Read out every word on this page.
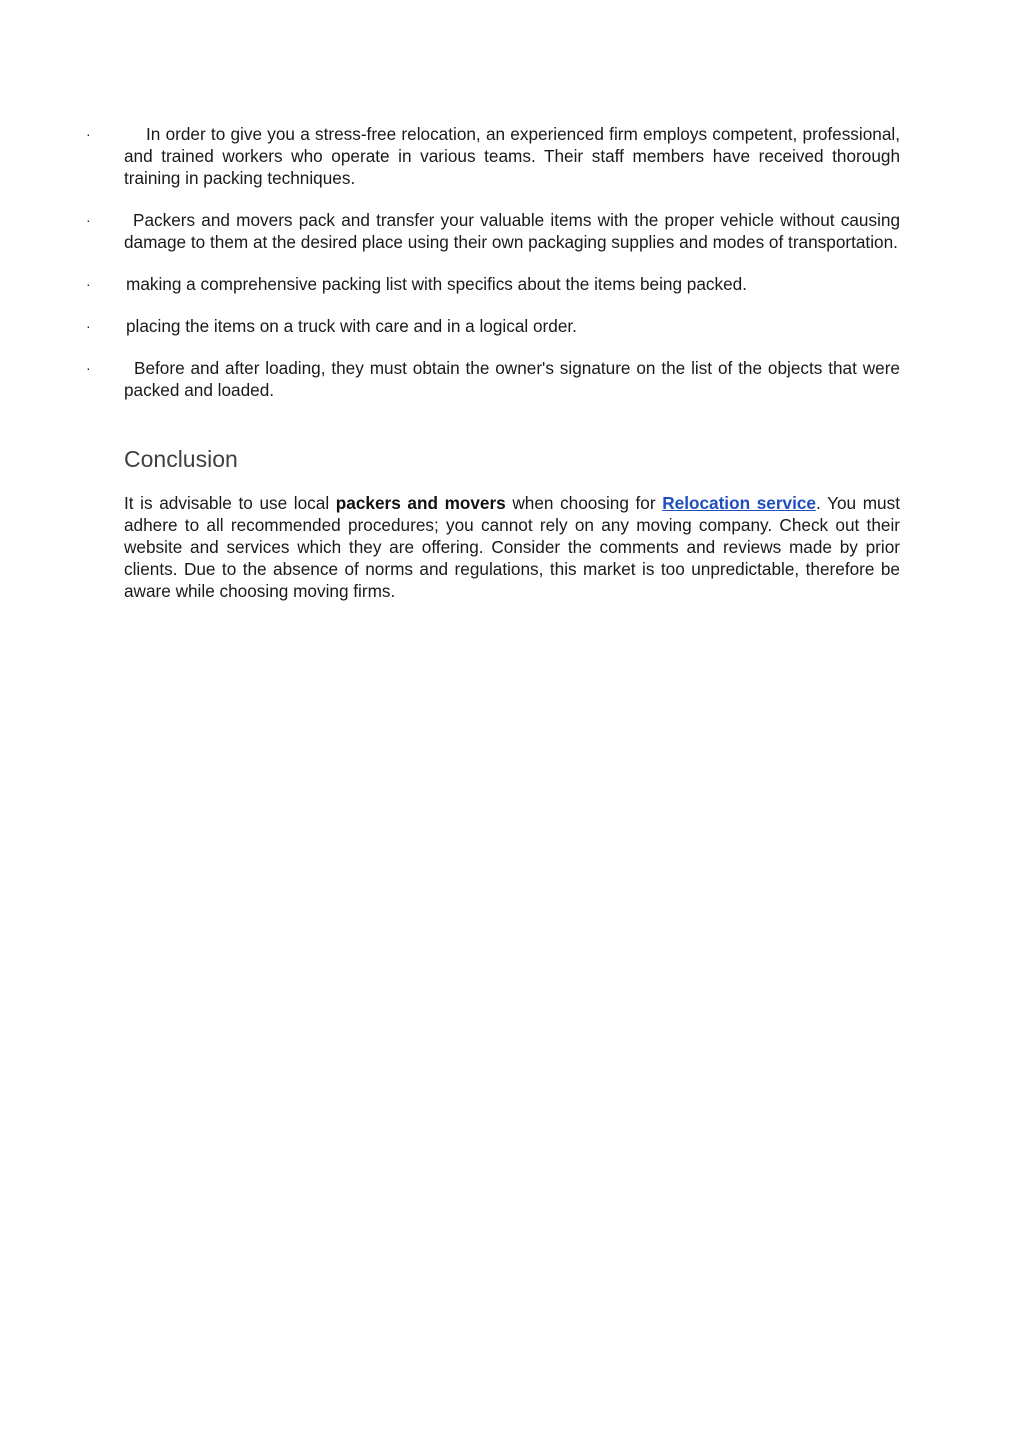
·	In order to give you a stress-free relocation, an experienced firm employs competent, professional, and trained workers who operate in various teams. Their staff members have received thorough training in packing techniques.
·	Packers and movers pack and transfer your valuable items with the proper vehicle without causing damage to them at the desired place using their own packaging supplies and modes of transportation.
·	making a comprehensive packing list with specifics about the items being packed.
·	placing the items on a truck with care and in a logical order.
·	Before and after loading, they must obtain the owner's signature on the list of the objects that were packed and loaded.
Conclusion

It is advisable to use local packers and movers when choosing for Relocation service. You must adhere to all recommended procedures; you cannot rely on any moving company. Check out their website and services which they are offering. Consider the comments and reviews made by prior clients. Due to the absence of norms and regulations, this market is too unpredictable, therefore be aware while choosing moving firms.
